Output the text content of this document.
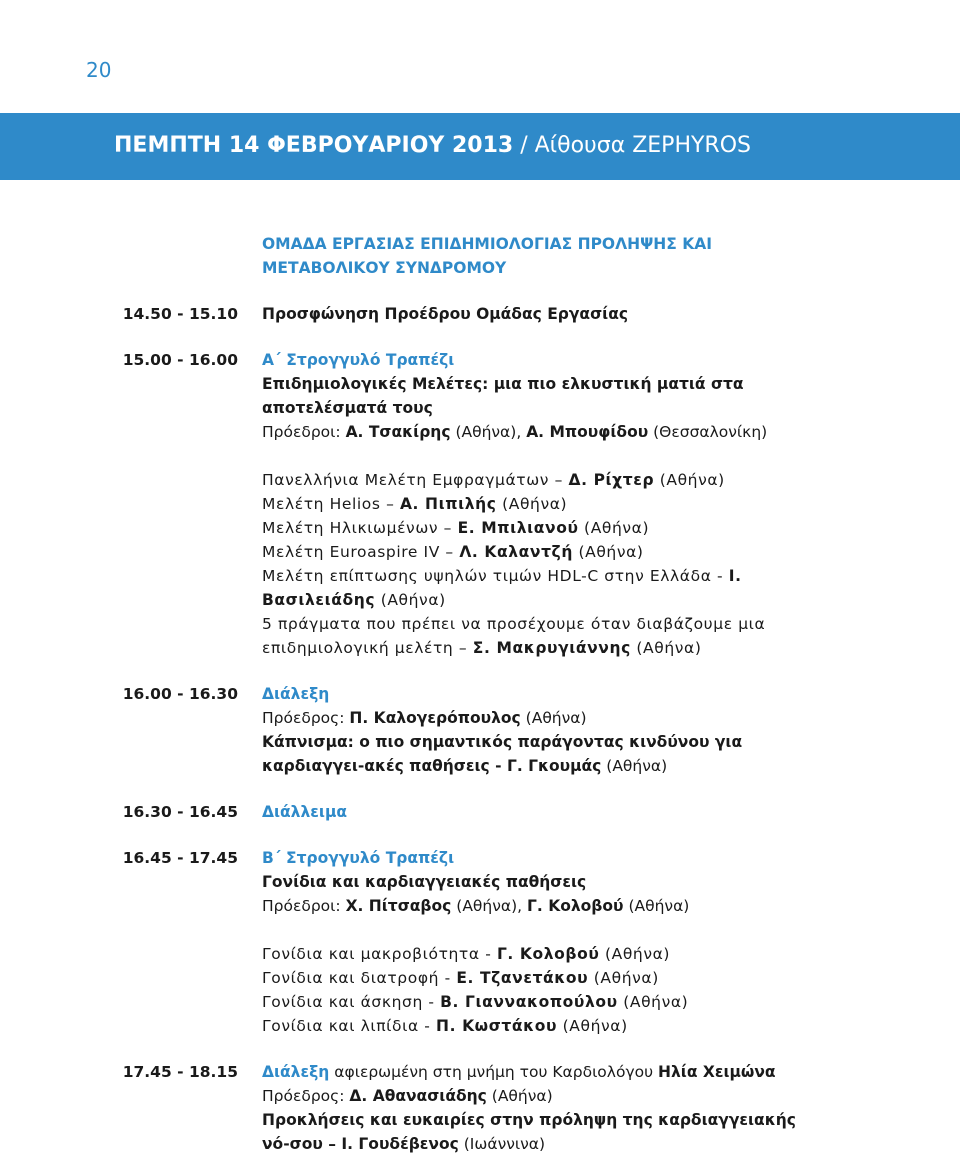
20
ΠΕΜΠΤΗ 14 ΦΕΒΡΟΥΑΡΙΟΥ 2013 / Αίθουσα ZEPHYROS
ΟΜΑΔΑ ΕΡΓΑΣΙΑΣ ΕΠΙΔΗΜΙΟΛΟΓΙΑΣ ΠΡΟΛΗΨΗΣ ΚΑΙ ΜΕΤΑΒΟΛΙΚΟΥ ΣΥΝΔΡΟΜΟΥ
14.50 - 15.10 Προσφώνηση Προέδρου Ομάδας Εργασίας

15.00 - 16.00 Α΄ Στρογγυλό Τραπέζι

Επιδημιολογικές Μελέτες: μια πιο ελκυστική ματιά στα αποτελέσματά τους

Πρόεδροι: Α. Τσακίρης (Αθήνα), Α. Μπουφίδου (Θεσσαλονίκη)

Πανελλήνια Μελέτη Εμφραγμάτων – Δ. Ρίχτερ (Αθήνα)

Μελέτη Helios – Α. Πιπιλής (Αθήνα)

Μελέτη Ηλικιωμένων – Ε. Μπιλιανού (Αθήνα)

Μελέτη Euroaspire IV – Λ. Καλαντζή (Αθήνα)

Μελέτη επίπτωσης υψηλών τιμών HDL-C στην Ελλάδα - Ι. Βασιλειάδης (Αθήνα)

5 πράγματα που πρέπει να προσέχουμε όταν διαβάζουμε μια επιδημιολογική μελέτη – Σ. Μακρυγιάννης (Αθήνα)

16.00 - 16.30 Διάλεξη

Πρόεδρος: Π. Καλογερόπουλος (Αθήνα)

Κάπνισμα: ο πιο σημαντικός παράγοντας κινδύνου για καρδιαγγει-ακές παθήσεις - Γ. Γκουμάς (Αθήνα)

16.30 - 16.45 Διάλλειμα

16.45 - 17.45 Β΄ Στρογγυλό Τραπέζι

Γονίδια και καρδιαγγειακές παθήσεις

Πρόεδροι: Χ. Πίτσαβος (Αθήνα), Γ. Κολοβού (Αθήνα)

Γονίδια και μακροβιότητα - Γ. Κολοβού (Αθήνα)

Γονίδια και διατροφή - Ε. Τζανετάκου (Αθήνα)

Γονίδια και άσκηση - Β. Γιαννακοπούλου (Αθήνα)

Γονίδια και λιπίδια - Π. Κωστάκου (Αθήνα)

17.45 - 18.15 Διάλεξη αφιερωμένη στη μνήμη του Καρδιολόγου Ηλία Χειμώνα

Πρόεδρος: Δ. Αθανασιάδης (Αθήνα)

Προκλήσεις και ευκαιρίες στην πρόληψη της καρδιαγγειακής νό-σου – Ι. Γουδέβενος (Ιωάννινα)
